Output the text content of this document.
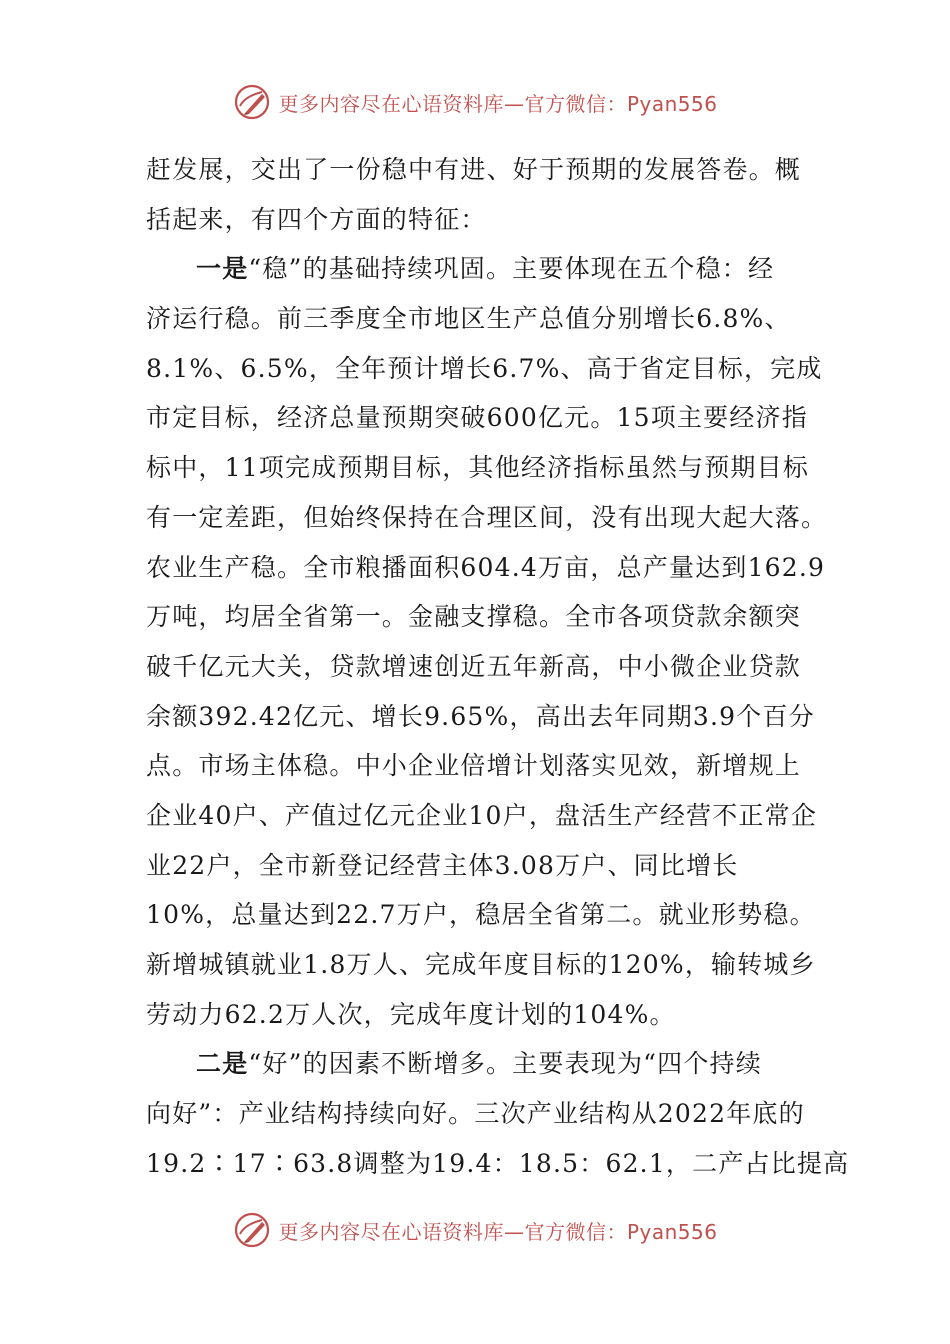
更多内容尽在心语资料库—官方微信：Pyan556
赶发展，交出了一份稳中有进、好于预期的发展答卷。概
括起来，有四个方面的特征：
一是“稳”的基础持续巩固。主要体现在五个稳：经
济运行稳。前三季度全市地区生产总值分别增长6.8%、
8.1%、6.5%，全年预计增长6.7%、高于省定目标，完成
市定目标，经济总量预期突破600亿元。15项主要经济指
标中，11项完成预期目标，其他经济指标虽然与预期目标
有一定差距，但始终保持在合理区间，没有出现大起大落。
农业生产稳。全市粮播面积604.4万亩，总产量达到162.9
万吨，均居全省第一。金融支撑稳。全市各项贷款余额突
破千亿元大关，贷款增速创近五年新高，中小微企业贷款
余额392.42亿元、增长9.65%，高出去年同期3.9个百分
点。市场主体稳。中小企业倍增计划落实见效，新增规上
企业40户、产值过亿元企业10户，盘活生产经营不正常企
业22户，全市新登记经营主体3.08万户、同比增长
10%，总量达到22.7万户，稳居全省第二。就业形势稳。
新增城镇就业1.8万人、完成年度目标的120%，输转城乡
劳动力62.2万人次，完成年度计划的104%。
二是“好”的因素不断增多。主要表现为“四个持续
向好”：产业结构持续向好。三次产业结构从2022年底的
19.2∶17∶63.8调整为19.4：18.5：62.1，二产占比提高
更多内容尽在心语资料库—官方微信：Pyan556
